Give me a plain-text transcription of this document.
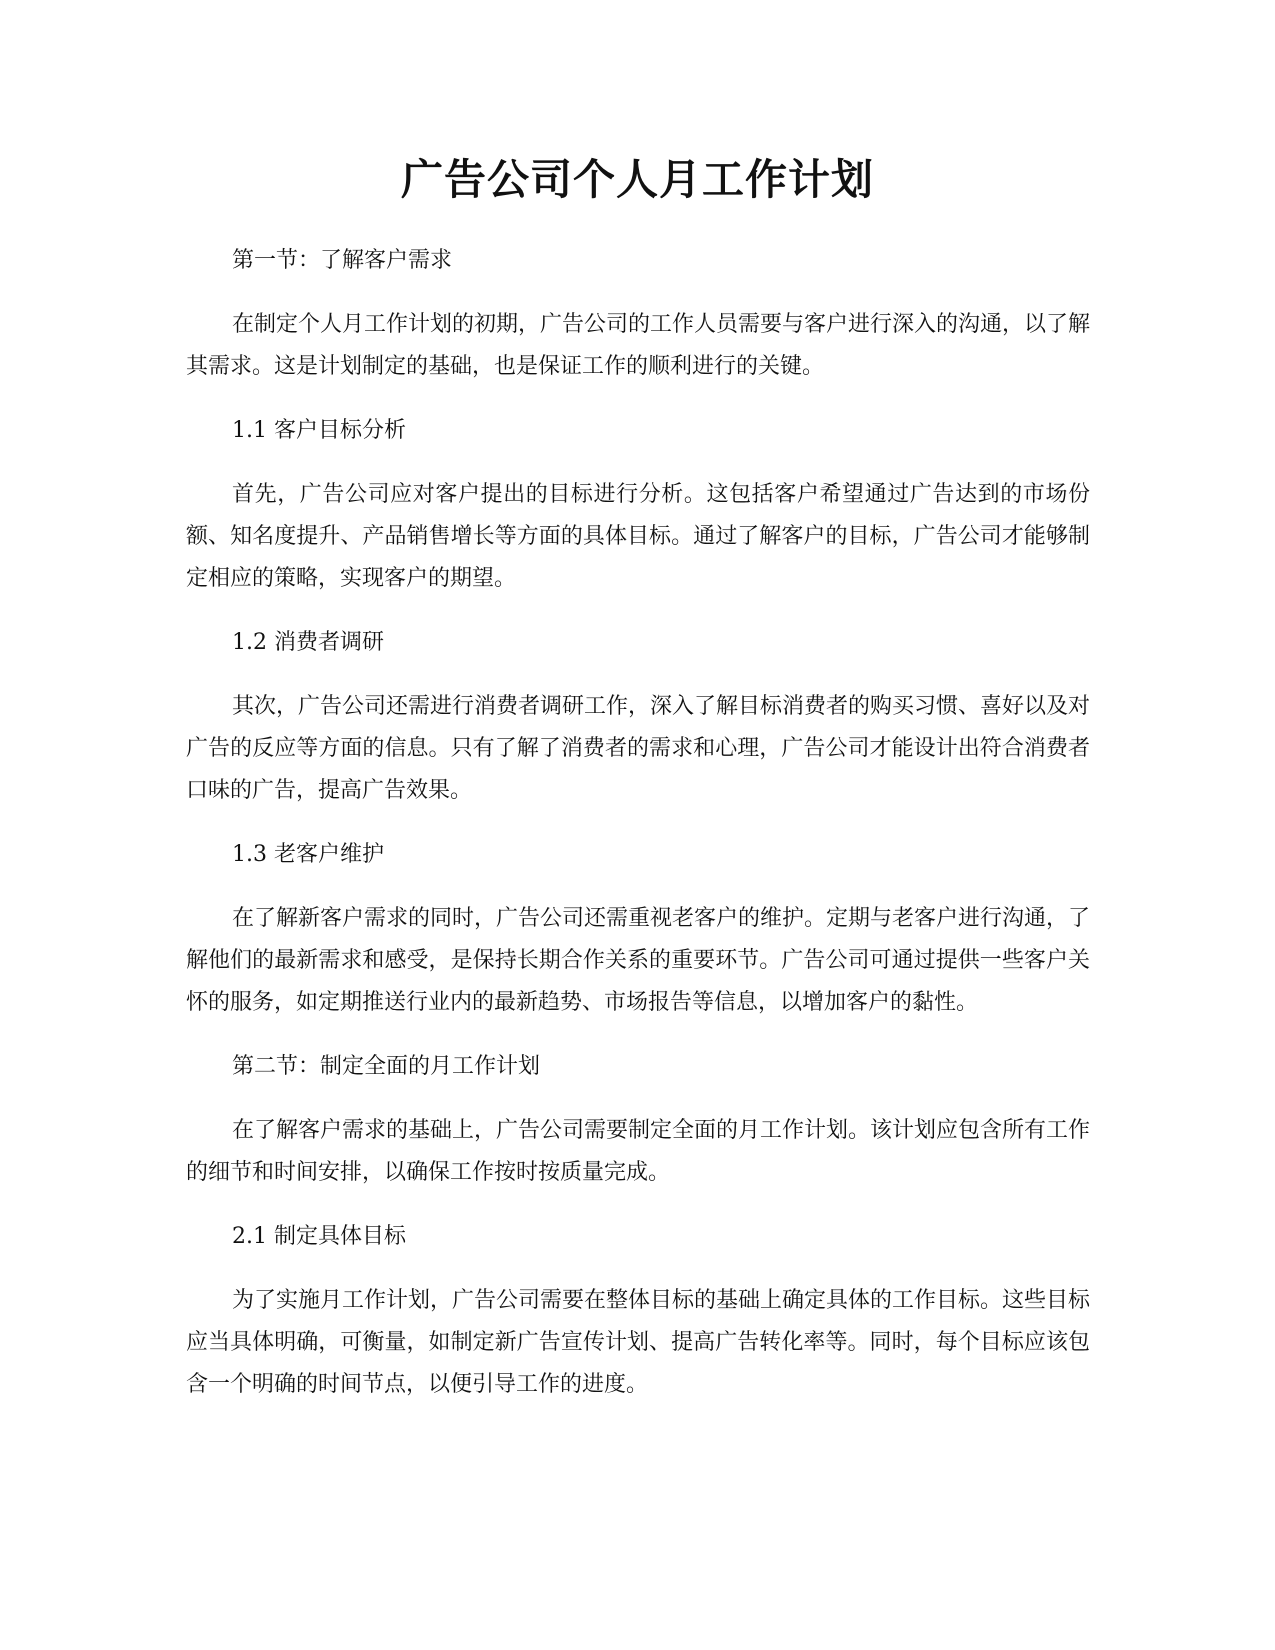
广告公司个人月工作计划

第一节：了解客户需求

在制定个人月工作计划的初期，广告公司的工作人员需要与客户进行深入的沟通，以了解其需求。这是计划制定的基础，也是保证工作的顺利进行的关键。

1.1 客户目标分析

首先，广告公司应对客户提出的目标进行分析。这包括客户希望通过广告达到的市场份额、知名度提升、产品销售增长等方面的具体目标。通过了解客户的目标，广告公司才能够制定相应的策略，实现客户的期望。

1.2 消费者调研

其次，广告公司还需进行消费者调研工作，深入了解目标消费者的购买习惯、喜好以及对广告的反应等方面的信息。只有了解了消费者的需求和心理，广告公司才能设计出符合消费者口味的广告，提高广告效果。

1.3 老客户维护

在了解新客户需求的同时，广告公司还需重视老客户的维护。定期与老客户进行沟通，了解他们的最新需求和感受，是保持长期合作关系的重要环节。广告公司可通过提供一些客户关怀的服务，如定期推送行业内的最新趋势、市场报告等信息，以增加客户的黏性。

第二节：制定全面的月工作计划

在了解客户需求的基础上，广告公司需要制定全面的月工作计划。该计划应包含所有工作的细节和时间安排，以确保工作按时按质量完成。

2.1 制定具体目标

为了实施月工作计划，广告公司需要在整体目标的基础上确定具体的工作目标。这些目标应当具体明确，可衡量，如制定新广告宣传计划、提高广告转化率等。同时，每个目标应该包含一个明确的时间节点，以便引导工作的进度。
